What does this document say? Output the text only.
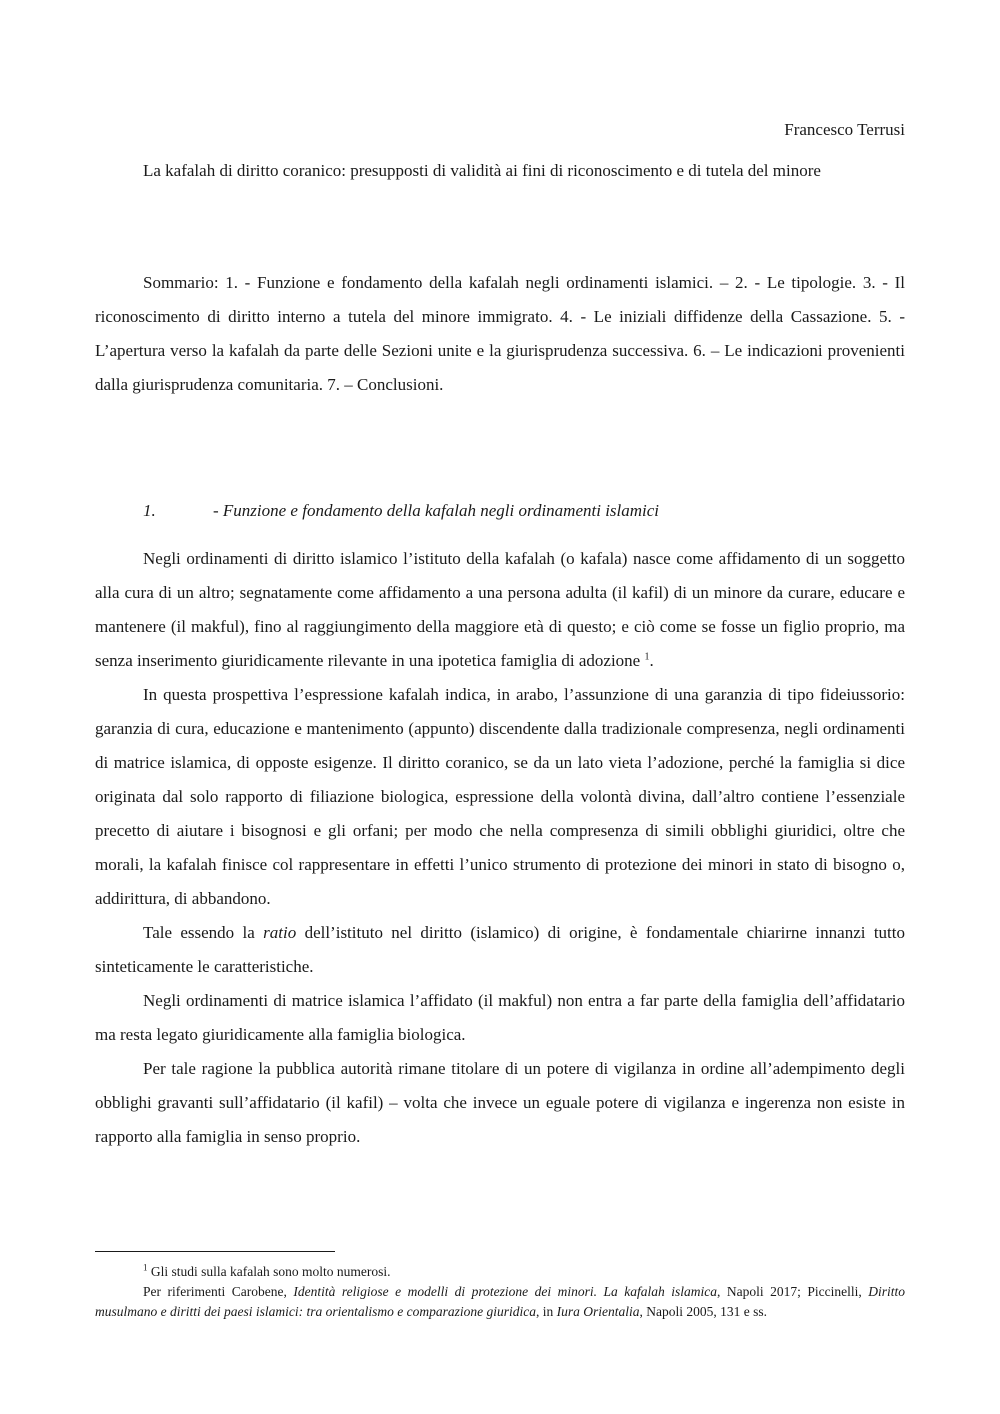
Francesco Terrusi

La kafalah di diritto coranico: presupposti di validità ai fini di riconoscimento e di tutela del minore

Sommario: 1. - Funzione e fondamento della kafalah negli ordinamenti islamici. – 2. - Le tipologie. 3. - Il riconoscimento di diritto interno a tutela del minore immigrato. 4. - Le iniziali diffidenze della Cassazione. 5. - L’apertura verso la kafalah da parte delle Sezioni unite e la giurisprudenza successiva. 6. – Le indicazioni provenienti dalla giurisprudenza comunitaria. 7. – Conclusioni.

1.	- Funzione e fondamento della kafalah negli ordinamenti islamici

Negli ordinamenti di diritto islamico l’istituto della kafalah (o kafala) nasce come affidamento di un soggetto alla cura di un altro; segnatamente come affidamento a una persona adulta (il kafil) di un minore da curare, educare e mantenere (il makful), fino al raggiungimento della maggiore età di questo; e ciò come se fosse un figlio proprio, ma senza inserimento giuridicamente rilevante in una ipotetica famiglia di adozione $^1$.

In questa prospettiva l’espressione kafalah indica, in arabo, l’assunzione di una garanzia di tipo fideiussorio: garanzia di cura, educazione e mantenimento (appunto) discendente dalla tradizionale compresenza, negli ordinamenti di matrice islamica, di opposte esigenze. Il diritto coranico, se da un lato vieta l’adozione, perché la famiglia si dice originata dal solo rapporto di filiazione biologica, espressione della volontà divina, dall’altro contiene l’essenziale precetto di aiutare i bisognosi e gli orfani; per modo che nella compresenza di simili obblighi giuridici, oltre che morali, la kafalah finisce col rappresentare in effetti l’unico strumento di protezione dei minori in stato di bisogno o, addirittura, di abbandono.

Tale essendo la ratio dell’istituto nel diritto (islamico) di origine, è fondamentale chiarirne innanzi tutto sinteticamente le caratteristiche.

Negli ordinamenti di matrice islamica l’affidato (il makful) non entra a far parte della famiglia dell’affidatario ma resta legato giuridicamente alla famiglia biologica.

Per tale ragione la pubblica autorità rimane titolare di un potere di vigilanza in ordine all’adempimento degli obblighi gravanti sull’affidatario (il kafil) – volta che invece un eguale potere di vigilanza e ingerenza non esiste in rapporto alla famiglia in senso proprio.

$^1$ Gli studi sulla kafalah sono molto numerosi.

Per riferimenti Carobene, Identità religiose e modelli di protezione dei minori. La kafalah islamica, Napoli 2017; Piccinelli, Diritto musulmano e diritti dei paesi islamici: tra orientalismo e comparazione giuridica, in Iura Orientalia, Napoli 2005, 131 e ss.
